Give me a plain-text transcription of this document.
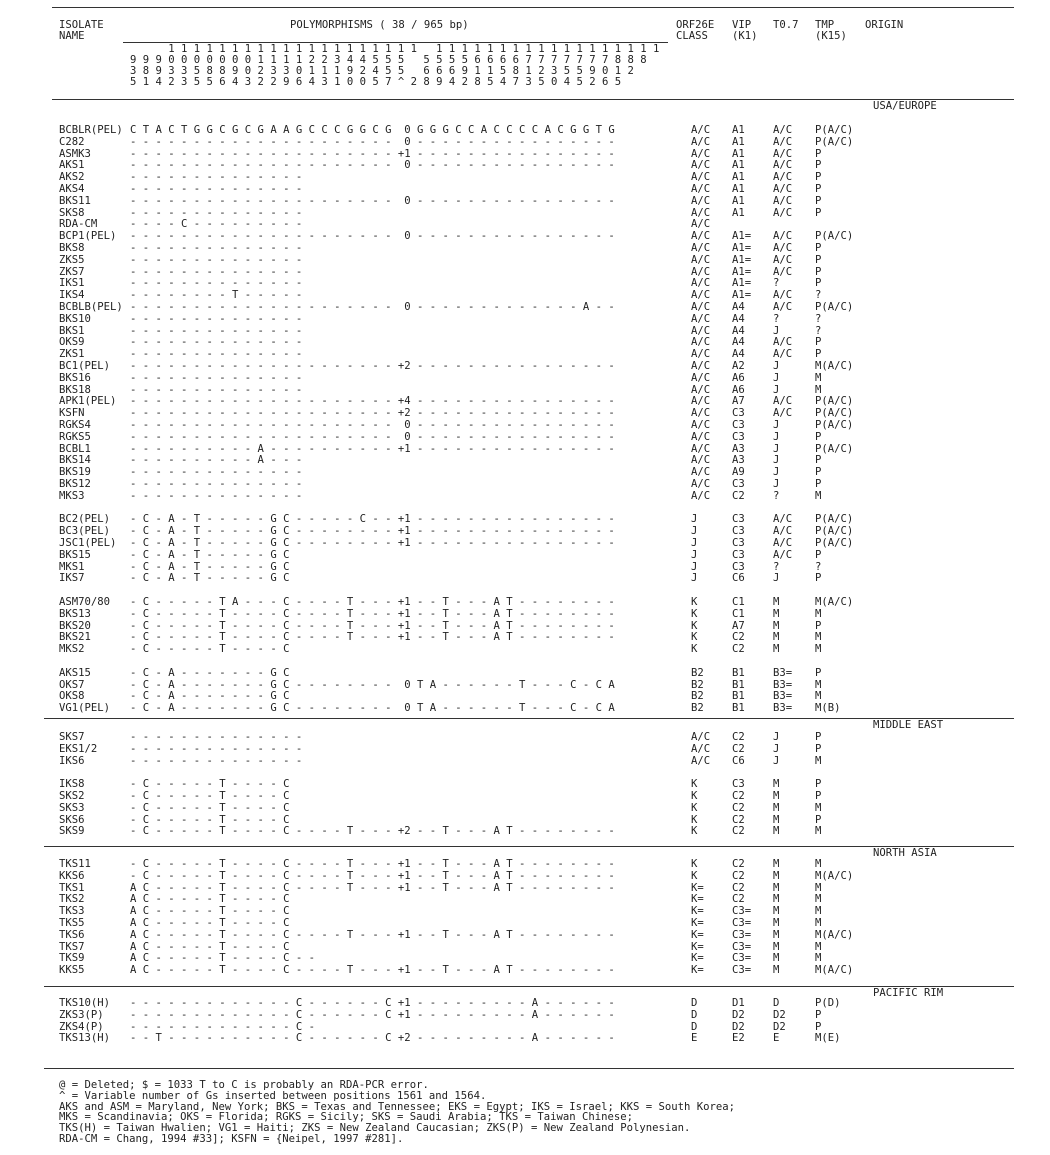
ISOLATE
NAME
POLYMORPHISMS ( 38 / 965 bp)	ORF26E
CLASS
VIP
(K1)
T0.7 TMP
(K15)
ORIGIN
1 1 1 1 1 1 1 1 1 1 1 1 1 1 1 1 1 1 1 1   1 1 1 1 1 1 1 1 1 1 1 1 1 1 1 1 1 1
9 9 9 0 0 0 0 0 0 0 1 1 1 1 2 2 3 4 4 5 5 5   5 5 5 5 6 6 6 6 7 7 7 7 7 7 7 8 8 8
3 8 9 3 3 5 8 8 9 0 2 3 3 0 1 1 1 9 2 4 5 5   6 6 6 9 1 1 5 8 1 2 3 5 5 9 0 1 2
5 1 4 2 3 5 5 6 4 3 2 2 9 6 4 3 1 0 0 5 7 ^ 2 8 9 4 2 8 5 4 7 3 5 0 4 5 2 6 5
USA/EUROPE
BCBLR(PEL) C T A C T G G C G C G A A G C C C G G C G  0 G G G C C A C C C C A C G G T G	A/C A1	A/C P(A/C)
C282	- - - - - - - - - - - - - - - - - - - - -  0 - - - - - - - - - - - - - - - -	A/C A1	A/C P(A/C)
ASMK3	- - - - - - - - - - - - - - - - - - - - - +1 - - - - - - - - - - - - - - - -	A/C A1	A/C P
AKS1	- - - - - - - - - - - - - - - - - - - - -  0 - - - - - - - - - - - - - - - -	A/C A1	A/C P
AKS2	- - - - - - - - - - - - - -	A/C A1	A/C P
AKS4	- - - - - - - - - - - - - -	A/C A1	A/C P
BKS11	- - - - - - - - - - - - - - - - - - - - -  0 - - - - - - - - - - - - - - - -	A/C A1	A/C P
SKS8	- - - - - - - - - - - - - -	A/C A1	A/C P
RDA-CM	- - - - C - - - - - - - - -	A/C
BCP1(PEL) - - - - - - - - - - - - - - - - - - - - -  0 - - - - - - - - - - - - - - - -	A/C A1= A/C P(A/C)
BKS8	- - - - - - - - - - - - - -	A/C A1= A/C P
ZKS5	- - - - - - - - - - - - - -	A/C A1= A/C P
ZKS7	- - - - - - - - - - - - - -	A/C A1= A/C P
IKS1	- - - - - - - - - - - - - -	A/C A1= ?	P
IKS4	- - - - - - - - T - - - - -	A/C A1= A/C ?
BCBLB(PEL) - - - - - - - - - - - - - - - - - - - - -  0 - - - - - - - - - - - - - A - -	A/C A4	A/C P(A/C)
BKS10	- - - - - - - - - - - - - -	A/C A4	?	?
BKS1	- - - - - - - - - - - - - -	A/C A4	J	?
OKS9	- - - - - - - - - - - - - -	A/C A4	A/C P
ZKS1	- - - - - - - - - - - - - -	A/C A4	A/C P
BC1(PEL) - - - - - - - - - - - - - - - - - - - - - +2 - - - - - - - - - - - - - - - -	A/C A2	J	M(A/C)
BKS16	- - - - - - - - - - - - - -	A/C A6	J	M
BKS18	- - - - - - - - - - - - - -	A/C A6	J	M
APK1(PEL) - - - - - - - - - - - - - - - - - - - - - +4 - - - - - - - - - - - - - - - -	A/C A7	A/C P(A/C)
KSFN	- - - - - - - - - - - - - - - - - - - - - +2 - - - - - - - - - - - - - - - -	A/C C3	A/C P(A/C)
RGKS4	- - - - - - - - - - - - - - - - - - - - -  0 - - - - - - - - - - - - - - - -	A/C C3	J	P(A/C)
RGKS5	- - - - - - - - - - - - - - - - - - - - -  0 - - - - - - - - - - - - - - - -	A/C C3	J	P
BCBL1	- - - - - - - - - - A - - - - - - - - - - +1 - - - - - - - - - - - - - - - -	A/C A3	J	P(A/C)
BKS14	- - - - - - - - - - A - - -	A/C A3	J	P
BKS19	- - - - - - - - - - - - - -	A/C A9	J	P
BKS12	- - - - - - - - - - - - - -	A/C C3	J	P
MKS3	- - - - - - - - - - - - - -	A/C C2	?	M
BC2(PEL) - C - A - T - - - - - G C - - - - - C - - +1 - - - - - - - - - - - - - - - -	J	C3	A/C P(A/C)
BC3(PEL) - C - A - T - - - - - G C - - - - - - - - +1 - - - - - - - - - - - - - - - -	J	C3	A/C P(A/C)
JSC1(PEL) - C - A - T - - - - - G C - - - - - - - - +1 - - - - - - - - - - - - - - - -	J	C3	A/C P(A/C)
BKS15	- C - A - T - - - - - G C	J	C3	A/C P
MKS1	- C - A - T - - - - - G C	J	C3	?	?
IKS7	- C - A - T - - - - - G C	J	C6	J	P
ASM70/80 - C - - - - - T A - - - C - - - - T - - - +1 - - T - - - A T - - - - - - - -	K	C1	M	M(A/C)
BKS13	- C - - - - - T - - - - C - - - - T - - - +1 - - T - - - A T - - - - - - - -	K	C1	M	M
BKS20	- C - - - - - T - - - - C - - - - T - - - +1 - - T - - - A T - - - - - - - -	K	A7	M	P
BKS21	- C - - - - - T - - - - C - - - - T - - - +1 - - T - - - A T - - - - - - - -	K	C2	M	M
MKS2	- C - - - - - T - - - - C	K	C2	M	M
AKS15	- C - A - - - - - - - G C	B2	B1	B3= P
OKS7	- C - A - - - - - - - G C - - - - - - - -  0 T A - - - - - - T - - - C - C A	B2	B1	B3= M
OKS8	- C - A - - - - - - - G C	B2	B1	B3= M
VG1(PEL) - C - A - - - - - - - G C - - - - - - - -  0 T A - - - - - - T - - - C - C A	B2	B1	B3= M(B)
MIDDLE EAST
SKS7	- - - - - - - - - - - - - -	A/C C2	J	P
EKS1/2	- - - - - - - - - - - - - -	A/C C2	J	P
IKS6	- - - - - - - - - - - - - -	A/C C6	J	M
IKS8	- C - - - - - T - - - - C	K	C3	M	P
SKS2	- C - - - - - T - - - - C	K	C2	M	P
SKS3	- C - - - - - T - - - - C	K	C2	M	M
SKS6	- C - - - - - T - - - - C	K	C2	M	P
SKS9	- C - - - - - T - - - - C - - - - T - - - +2 - - T - - - A T - - - - - - - -	K	C2	M	M
NORTH ASIA
TKS11	- C - - - - - T - - - - C - - - - T - - - +1 - - T - - - A T - - - - - - - -	K	C2	M	M
KKS6	- C - - - - - T - - - - C - - - - T - - - +1 - - T - - - A T - - - - - - - -	K	C2	M	M(A/C)
TKS1	A C - - - - - T - - - - C - - - - T - - - +1 - - T - - - A T - - - - - - - -	K=	C2	M	M
TKS2	A C - - - - - T - - - - C	K=	C2	M	M
TKS3	A C - - - - - T - - - - C	K=	C3= M	M
TKS5	A C - - - - - T - - - - C	K=	C3= M	M
TKS6	A C - - - - - T - - - - C - - - - T - - - +1 - - T - - - A T - - - - - - - -	K=	C3= M	M(A/C)
TKS7	A C - - - - - T - - - - C	K=	C3= M	M
TKS9	A C - - - - - T - - - - C - -	K=	C3= M	M
KKS5	A C - - - - - T - - - - C - - - - T - - - +1 - - T - - - A T - - - - - - - -	K=	C3= M	M(A/C)
PACIFIC RIM
TKS10(H) - - - - - - - - - - - - - C - - - - - - C +1 - - - - - - - - - A - - - - - -	D	D1	D	P(D)
ZKS3(P) - - - - - - - - - - - - - C - - - - - - C +1 - - - - - - - - - A - - - - - -	D	D2	D2	P
ZKS4(P) - - - - - - - - - - - - - C -	D	D2	D2	P
TKS13(H) - - T - - - - - - - - - - C - - - - - - C +2 - - - - - - - - - A - - - - - -	E	E2	E	M(E)
@ = Deleted; $ = 1033 T to C is probably an RDA-PCR error.
^ = Variable number of Gs inserted between positions 1561 and 1564.
AKS and ASM = Maryland, New York; BKS = Texas and Tennessee; EKS = Egypt; IKS = Israel; KKS = South Korea;
MKS = Scandinavia; OKS = Florida; RGKS = Sicily; SKS = Saudi Arabia; TKS = Taiwan Chinese;
TKS(H) = Taiwan Hwalien; VG1 = Haiti; ZKS = New Zealand Caucasian; ZKS(P) = New Zealand Polynesian.
RDA-CM = Chang, 1994 #33]; KSFN = {Neipel, 1997 #281].
